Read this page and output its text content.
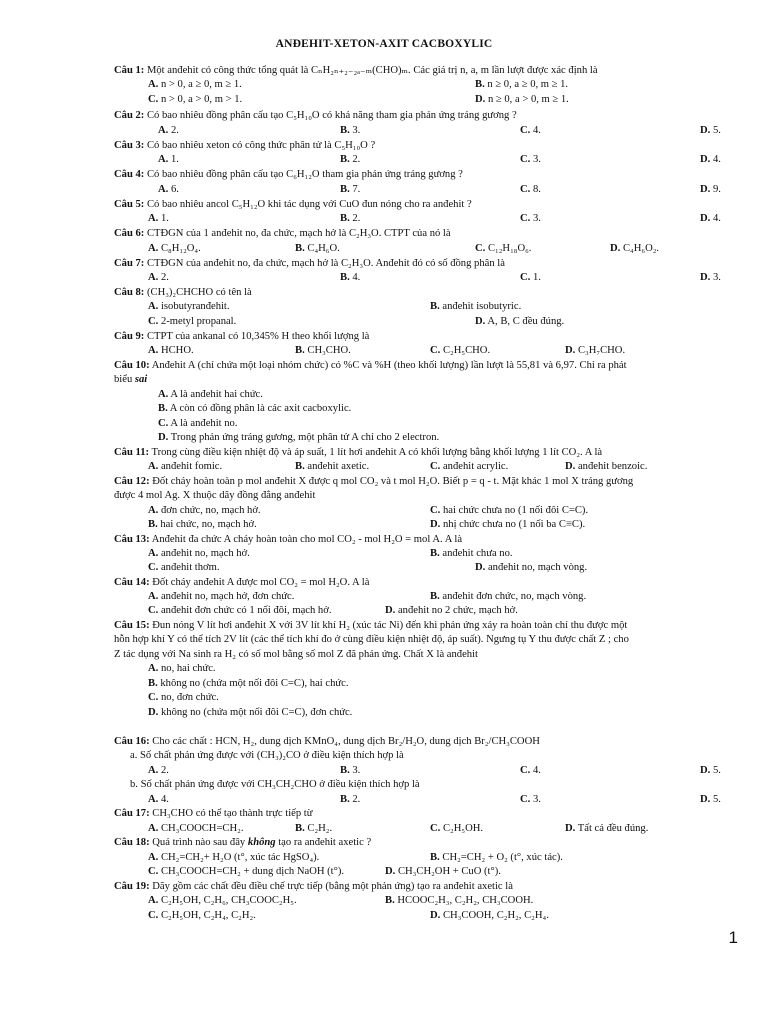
ANĐEHIT-XETON-AXIT CACBOXYLIC
Câu 1: Một anđehit có công thức tổng quát là CₙH₂ₙ₊₂₋₂ₐ₋ₘ(CHO)ₘ. Các giá trị n, a, m lần lượt được xác định là
A. n > 0, a ≥ 0, m ≥ 1.	B. n ≥ 0, a ≥ 0, m ≥ 1.
C. n > 0, a > 0, m > 1.	D. n ≥ 0, a > 0, m ≥ 1.
Câu 2: Có bao nhiêu đồng phân cấu tạo C₅H₁₀O có khả năng tham gia phản ứng tráng gương ?
A. 2.	B. 3.	C. 4.	D. 5.
Câu 3: Có bao nhiêu xeton có công thức phân tử là C₅H₁₀O ?
A. 1.	B. 2.	C. 3.	D. 4.
Câu 4: Có bao nhiêu đồng phân cấu tạo C₆H₁₂O tham gia phản ứng tráng gương ?
A. 6.	B. 7.	C. 8.	D. 9.
Câu 5: Có bao nhiêu ancol C₅H₁₂O khi tác dụng với CuO đun nóng cho ra anđehit ?
A. 1.	B. 2.	C. 3.	D. 4.
Câu 6: CTĐGN của 1 anđehit no, đa chức, mạch hở là C₂H₃O. CTPT của nó là
A. C₈H₁₂O₄.	B. C₄H₆O.	C. C₁₂H₁₈O₆.	D. C₄H₆O₂.
Câu 7: CTĐGN của anđehit no, đa chức, mạch hở là C₂H₃O. Anđehit đó có số đồng phân là
A. 2.	B. 4.	C. 1.	D. 3.
Câu 8: (CH₃)₂CHCHO có tên là
A. isobutyranđehit.	B. anđehit isobutyric.
C. 2-metyl propanal.	D. A, B, C đều đúng.
Câu 9: CTPT của ankanal có 10,345% H theo khối lượng là
A. HCHO.	B. CH₃CHO.	C. C₂H₅CHO.	D. C₃H₇CHO.
Câu 10: Anđehit A (chỉ chứa một loại nhóm chức) có %C và %H (theo khối lượng) lần lượt là 55,81 và 6,97. Chỉ ra phát
biểu sai
A. A là anđehit hai chức.
B. A còn có đồng phân là các axit cacboxylic.
C. A là anđehit no.
D. Trong phản ứng tráng gương, một phân tử A chỉ cho 2 electron.
Câu 11: Trong cùng điều kiện nhiệt độ và áp suất, 1 lít hơi anđehit A có khối lượng bằng khối lượng 1 lít CO₂. A là
A. anđehit fomic.	B. anđehit axetic.	C. anđehit acrylic.	D. anđehit benzoic.
Câu 12: Đốt cháy hoàn toàn p mol anđehit X được q mol CO₂ và t mol H₂O. Biết p = q - t. Mặt khác 1 mol X tráng gương
được 4 mol Ag. X thuộc dãy đồng đẳng anđehit
A. đơn chức, no, mạch hở.	C. hai chức chưa no (1 nối đôi C=C).
B. hai chức, no, mạch hở.	D. nhị chức chưa no (1 nối ba C≡C).
Câu 13: Anđehit đa chức A cháy hoàn toàn cho mol CO₂ - mol H₂O = mol A. A là
A. anđehit no, mạch hở.	B. anđehit chưa no.
C. anđehit thơm.	D. anđehit no, mạch vòng.
Câu 14: Đốt cháy anđehit A được mol CO₂ = mol H₂O. A là
A. anđehit no, mạch hở, đơn chức.	B. anđehit đơn chức, no, mạch vòng.
C. anđehit đơn chức có 1 nối đôi, mạch hở.	D. anđehit no 2 chức, mạch hở.
Câu 15: Đun nóng V lít hơi anđehit X với 3V lít khí H₂ (xúc tác Ni) đến khi phản ứng xảy ra hoàn toàn chỉ thu được một
hỗn hợp khí Y có thể tích 2V lít (các thể tích khí đo ở cùng điều kiện nhiệt độ, áp suất). Ngưng tụ Y thu được chất Z ; cho
Z tác dụng với Na sinh ra H₂ có số mol bằng số mol Z đã phản ứng. Chất X là anđehit
A. no, hai chức.
B. không no (chứa một nối đôi C=C), hai chức.
C. no, đơn chức.
D. không no (chứa một nối đôi C=C), đơn chức.
Câu 16: Cho các chất : HCN, H₂, dung dịch KMnO₄, dung dịch Br₂/H₂O, dung dịch Br₂/CH₃COOH
a. Số chất phản ứng được với (CH₃)₂CO ở điều kiện thích hợp là
A. 2.	B. 3.	C. 4.	D. 5.
b. Số chất phản ứng được với CH₃CH₂CHO ở điều kiện thích hợp là
A. 4.	B. 2.	C. 3.	D. 5.
Câu 17: CH₃CHO có thể tạo thành trực tiếp từ
A. CH₃COOCH=CH₂.	B. C₂H₂.	C. C₂H₅OH.	D. Tất cả đều đúng.
Câu 18: Quá trình nào sau đây không tạo ra anđehit axetic ?
A. CH₂=CH₂+ H₂O (t°, xúc tác HgSO₄).	B. CH₂=CH₂ + O₂ (t°, xúc tác).
C. CH₃COOCH=CH₂ + dung dịch NaOH (t°).	D. CH₃CH₂OH + CuO (t°).
Câu 19: Dãy gồm các chất đều điều chế trực tiếp (bằng một phản ứng) tạo ra anđehit axetic là
A. C₂H₅OH, C₂H₆, CH₃COOC₂H₅.	B. HCOOC₂H₃, C₂H₂, CH₃COOH.
C. C₂H₅OH, C₂H₄, C₂H₂.	D. CH₃COOH, C₂H₂, C₂H₄.
1
